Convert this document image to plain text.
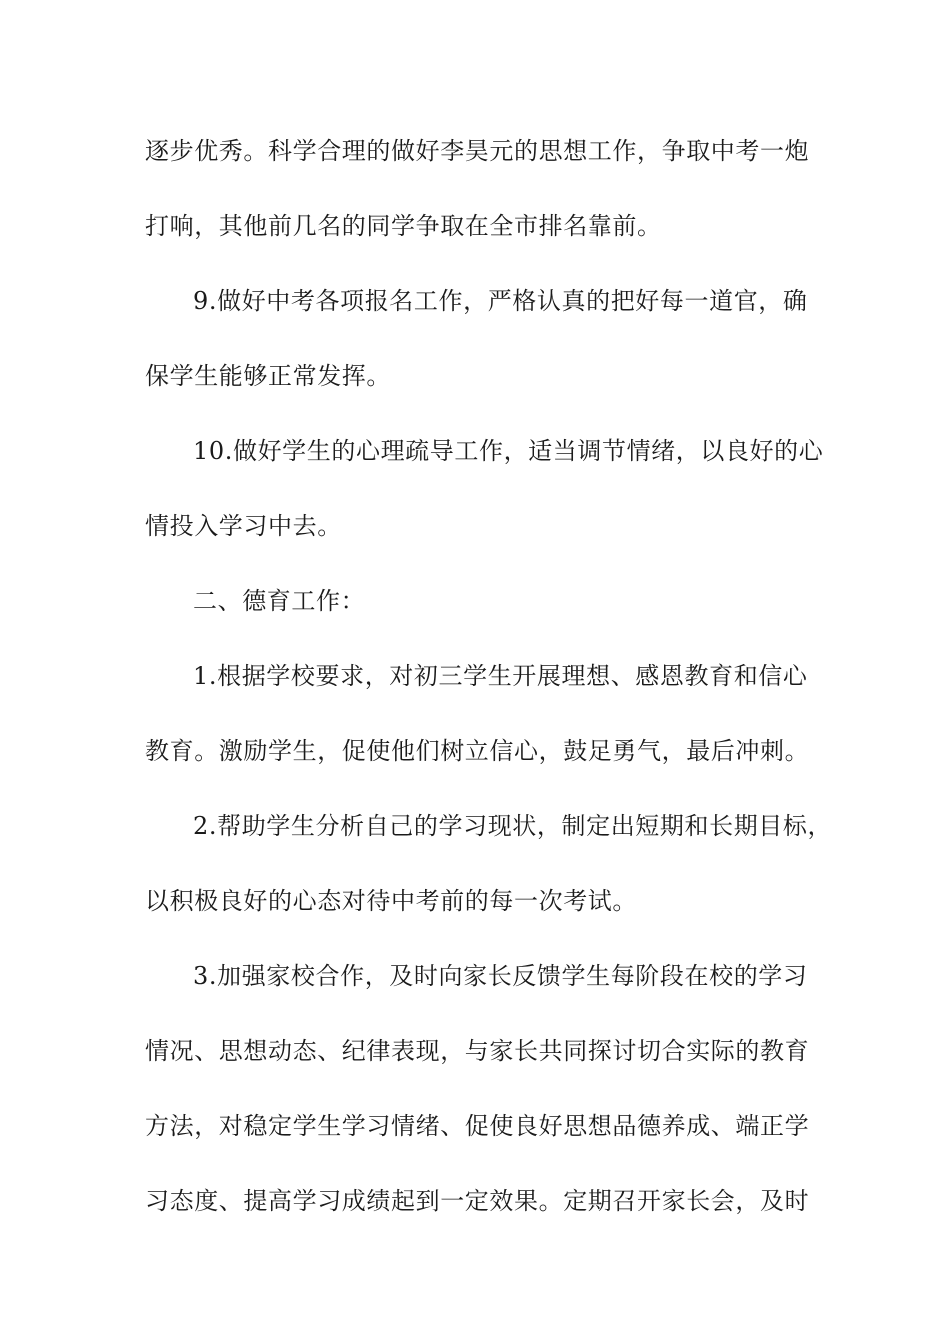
逐步优秀。科学合理的做好李昊元的思想工作，争取中考一炮
打响，其他前几名的同学争取在全市排名靠前。
9.做好中考各项报名工作，严格认真的把好每一道官，确
保学生能够正常发挥。
10.做好学生的心理疏导工作，适当调节情绪，以良好的心
情投入学习中去。
二、德育工作：
1.根据学校要求，对初三学生开展理想、感恩教育和信心
教育。激励学生，促使他们树立信心，鼓足勇气，最后冲刺。
2.帮助学生分析自己的学习现状，制定出短期和长期目标，
以积极良好的心态对待中考前的每一次考试。
3.加强家校合作，及时向家长反馈学生每阶段在校的学习
情况、思想动态、纪律表现，与家长共同探讨切合实际的教育
方法，对稳定学生学习情绪、促使良好思想品德养成、端正学
习态度、提高学习成绩起到一定效果。定期召开家长会，及时
